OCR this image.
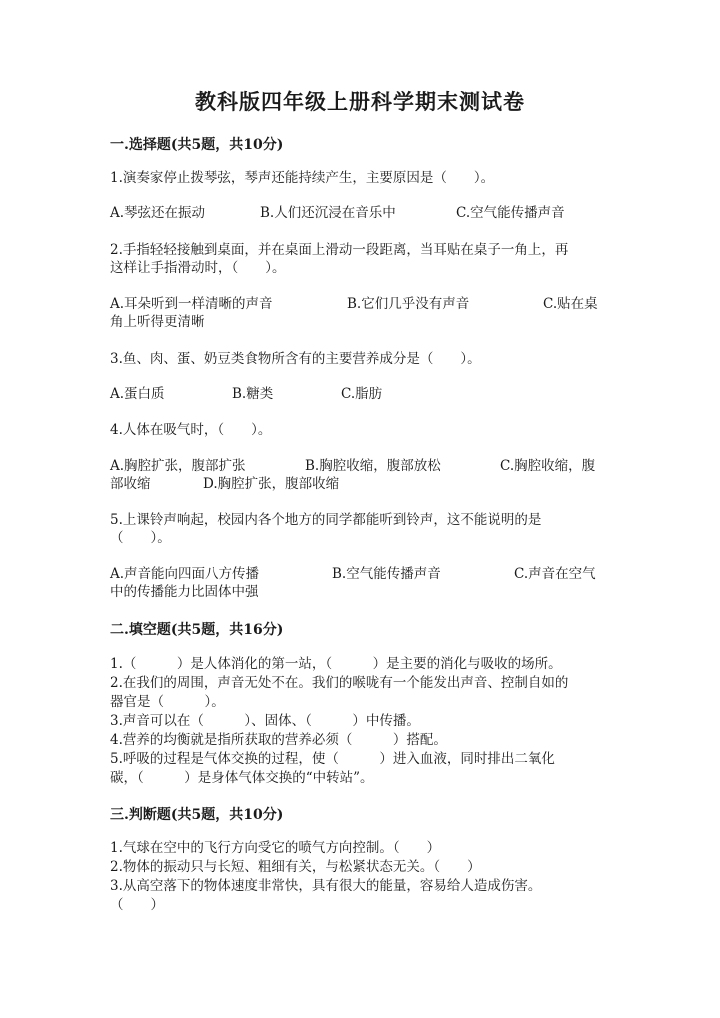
教科版四年级上册科学期末测试卷
一.选择题(共5题，共10分)
1.演奏家停止拨琴弦，琴声还能持续产生，主要原因是（　　）。
A.琴弦还在振动	B.人们还沉浸在音乐中	C.空气能传播声音
2.手指轻轻接触到桌面，并在桌面上滑动一段距离，当耳贴在桌子一角上，再
这样让手指滑动时，（　　）。
A.耳朵听到一样清晰的声音	B.它们几乎没有声音	C.贴在桌
角上听得更清晰
3.鱼、肉、蛋、奶豆类食物所含有的主要营养成分是（　　）。
A.蛋白质	B.糖类	C.脂肪
4.人体在吸气时，（　　）。
A.胸腔扩张，腹部扩张	B.胸腔收缩，腹部放松	C.胸腔收缩，腹
部收缩	D.胸腔扩张，腹部收缩
5.上课铃声响起，校园内各个地方的同学都能听到铃声，这不能说明的是
（　　）。
A.声音能向四面八方传播	B.空气能传播声音	C.声音在空气
中的传播能力比固体中强
二.填空题(共5题，共16分)
1.（　　　）是人体消化的第一站，（　　　）是主要的消化与吸收的场所。
2.在我们的周围，声音无处不在。我们的喉咙有一个能发出声音、控制自如的
器官是（　　　）。
3.声音可以在（　　　）、固体、（　　　）中传播。
4.营养的均衡就是指所获取的营养必须（　　　）搭配。
5.呼吸的过程是气体交换的过程，使（　　　）进入血液，同时排出二氧化
碳，（　　　）是身体气体交换的“中转站”。
三.判断题(共5题，共10分)
1.气球在空中的飞行方向受它的喷气方向控制。（　　）
2.物体的振动只与长短、粗细有关，与松紧状态无关。（　　）
3.从高空落下的物体速度非常快，具有很大的能量，容易给人造成伤害。
（　　）
